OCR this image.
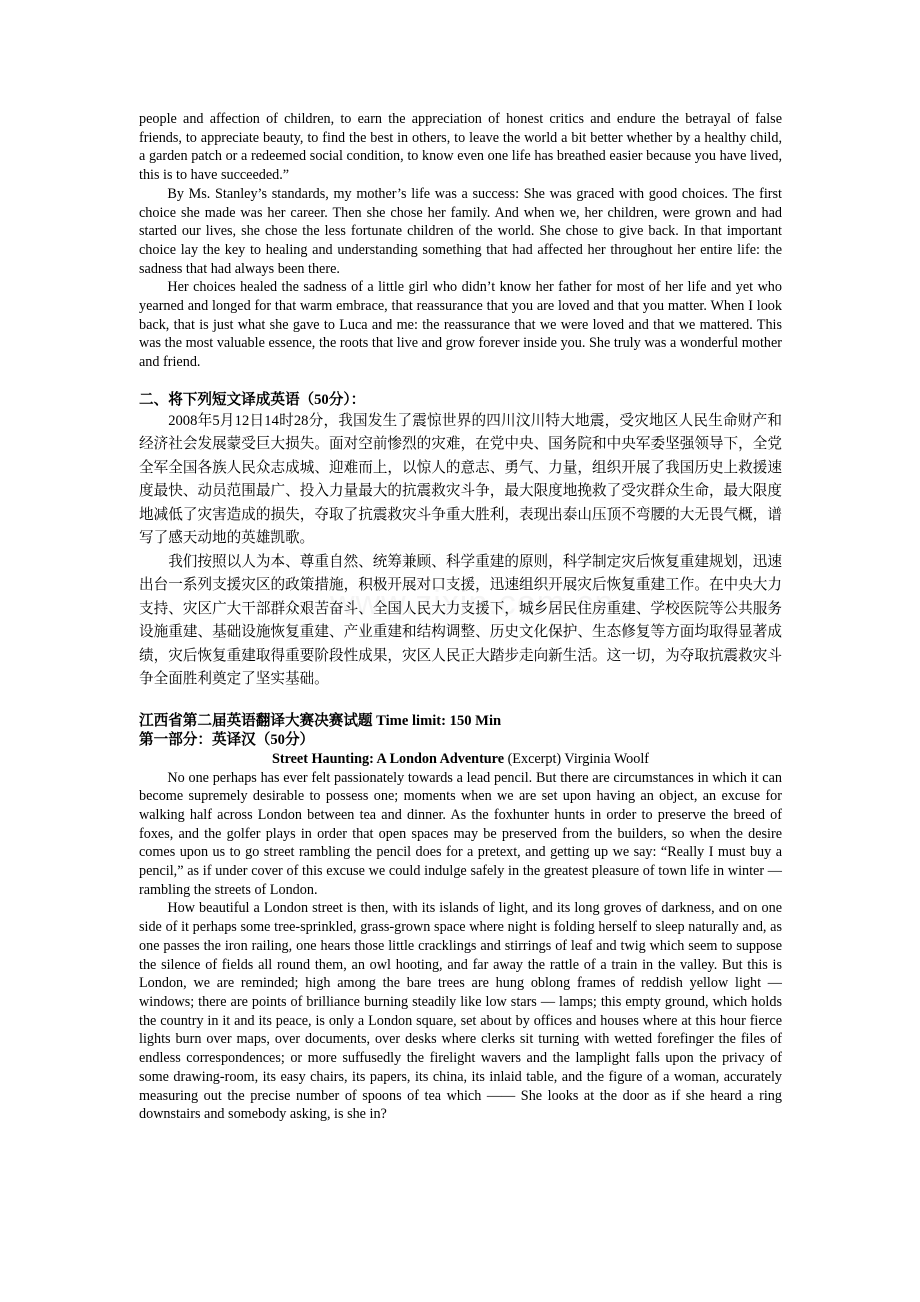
people and affection of children, to earn the appreciation of honest critics and endure the betrayal of false friends, to appreciate beauty, to find the best in others, to leave the world a bit better whether by a healthy child, a garden patch or a redeemed social condition, to know even one life has breathed easier because you have lived, this is to have succeeded.”

By Ms. Stanley’s standards, my mother’s life was a success: She was graced with good choices. The first choice she made was her career. Then she chose her family. And when we, her children, were grown and had started our lives, she chose the less fortunate children of the world. She chose to give back. In that important choice lay the key to healing and understanding something that had affected her throughout her entire life: the sadness that had always been there.

Her choices healed the sadness of a little girl who didn’t know her father for most of her life and yet who yearned and longed for that warm embrace, that reassurance that you are loved and that you matter. When I look back, that is just what she gave to Luca and me: the reassurance that we were loved and that we mattered. This was the most valuable essence, the roots that live and grow forever inside you. She truly was a wonderful mother and friend.

二、将下列短文译成英语（50分）：

2008年5月12日14时28分，我国发生了震惊世界的四川汶川特大地震，受灾地区人民生命财产和经济社会发展蒙受巨大损失。面对空前惨烈的灾难，在党中央、国务院和中央军委坚强领导下，全党全军全国各族人民众志成城、迎难而上，以惊人的意志、勇气、力量，组织开展了我国历史上救援速度最快、动员范围最广、投入力量最大的抗震救灾斗争，最大限度地挽救了受灾群众生命，最大限度地减低了灾害造成的损失，夺取了抗震救灾斗争重大胜利，表现出泰山压顶不弯腰的大无畏气概，谱写了感天动地的英雄凯歌。

我们按照以人为本、尊重自然、统筹兼顾、科学重建的原则，科学制定灾后恢复重建规划，迅速出台一系列支援灾区的政策措施，积极开展对口支援，迅速组织开展灾后恢复重建工作。在中央大力支持、灾区广大干部群众艰苦奋斗、全国人民大力支援下，城乡居民住房重建、学校医院等公共服务设施重建、基础设施恢复重建、产业重建和结构调整、历史文化保护、生态修复等方面均取得显著成绩，灾后恢复重建取得重要阶段性成果，灾区人民正大踏步走向新生活。这一切，为夺取抗震救灾斗争全面胜利奠定了坚实基础。

江西省第二届英语翻译大赛决赛试题 Time limit: 150 Min

第一部分：英译汉（50分）

Street Haunting: A London Adventure (Excerpt) Virginia Woolf

No one perhaps has ever felt passionately towards a lead pencil. But there are circumstances in which it can become supremely desirable to possess one; moments when we are set upon having an object, an excuse for walking half across London between tea and dinner. As the foxhunter hunts in order to preserve the breed of foxes, and the golfer plays in order that open spaces may be preserved from the builders, so when the desire comes upon us to go street rambling the pencil does for a pretext, and getting up we say: “Really I must buy a pencil,” as if under cover of this excuse we could indulge safely in the greatest pleasure of town life in winter — rambling the streets of London.

How beautiful a London street is then, with its islands of light, and its long groves of darkness, and on one side of it perhaps some tree-sprinkled, grass-grown space where night is folding herself to sleep naturally and, as one passes the iron railing, one hears those little cracklings and stirrings of leaf and twig which seem to suppose the silence of fields all round them, an owl hooting, and far away the rattle of a train in the valley. But this is London, we are reminded; high among the bare trees are hung oblong frames of reddish yellow light — windows; there are points of brilliance burning steadily like low stars — lamps; this empty ground, which holds the country in it and its peace, is only a London square, set about by offices and houses where at this hour fierce lights burn over maps, over documents, over desks where clerks sit turning with wetted forefinger the files of endless correspondences; or more suffusedly the firelight wavers and the lamplight falls upon the privacy of some drawing-room, its easy chairs, its papers, its china, its inlaid table, and the figure of a woman, accurately measuring out the precise number of spoons of tea which —— She looks at the door as if she heard a ring downstairs and somebody asking, is she in?
